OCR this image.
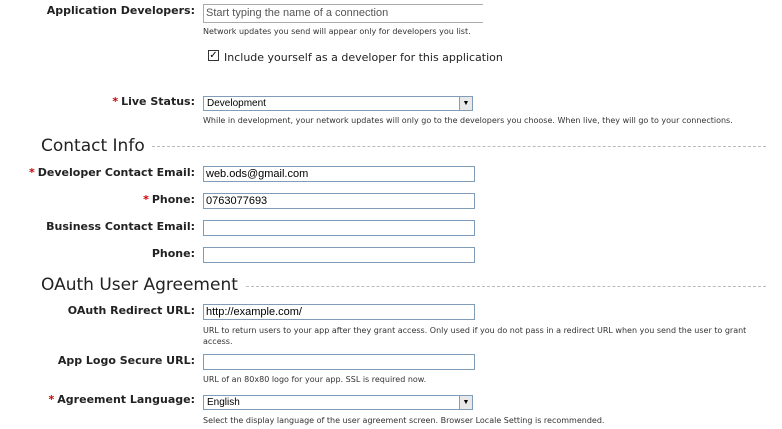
Application Developers: Start typing the name of a connection
Network updates you send will appear only for developers you list.
✓ Include yourself as a developer for this application
* Live Status:	Development	▼
While in development, your network updates will only go to the developers you choose. When live, they will go to your connections.
Contact Info
* Developer Contact Email: web.ods@gmail.com
* Phone: 0763077693
Business Contact Email:
Phone:
OAuth User Agreement
OAuth Redirect URL: http://example.com/
URL to return users to your app after they grant access. Only used if you do not pass in a redirect URL when you send the user to grant access.
App Logo Secure URL:
URL of an 80x80 logo for your app. SSL is required now.
* Agreement Language:	English	▼
Select the display language of the user agreement screen. Browser Locale Setting is recommended.
